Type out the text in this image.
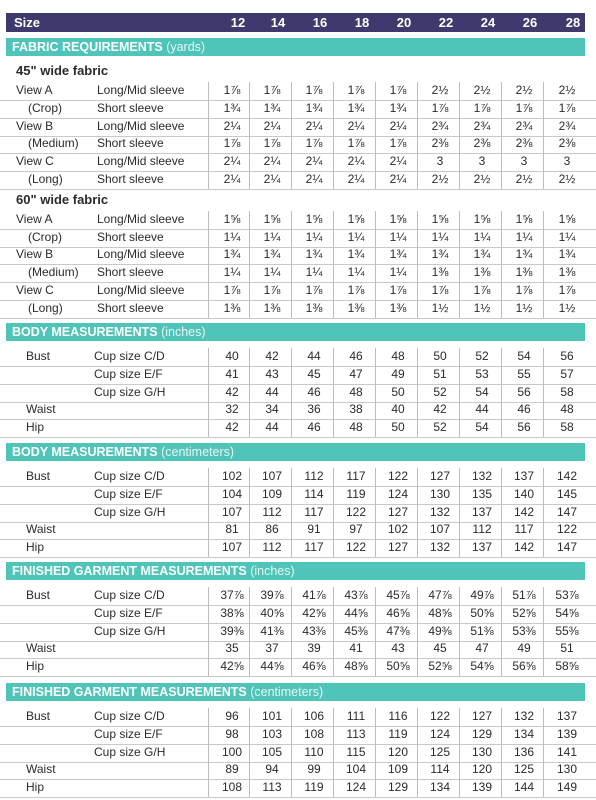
Size	12	14	16	18	20	22	24	26	28
FABRIC REQUIREMENTS (yards)
45" wide fabric
View A	Long/Mid sleeve	1⅞	1⅞	1⅞	1⅞	1⅞	2½	2½	2½	2½
(Crop)	Short sleeve	1¾	1¾	1¾	1¾	1¾	1⅞	1⅞	1⅞	1⅞
View B	Long/Mid sleeve	2¼	2¼	2¼	2¼	2¼	2¾	2¾	2¾	2¾
(Medium) Short sleeve	1⅞	1⅞	1⅞	1⅞	1⅞	2⅜	2⅜	2⅜	2⅜
View C	Long/Mid sleeve	2¼	2¼	2¼	2¼	2¼	3	3	3	3
(Long)	Short sleeve	2¼	2¼	2¼	2¼	2¼	2½	2½	2½	2½
60" wide fabric
View A	Long/Mid sleeve	1⅝	1⅝	1⅝	1⅝	1⅝	1⅝	1⅝	1⅝	1⅝
(Crop)	Short sleeve	1¼	1¼	1¼	1¼	1¼	1¼	1¼	1¼	1¼
View B	Long/Mid sleeve	1¾	1¾	1¾	1¾	1¾	1¾	1¾	1¾	1¾
(Medium) Short sleeve	1¼	1¼	1¼	1¼	1¼	1⅜	1⅜	1⅜	1⅜
View C	Long/Mid sleeve	1⅞	1⅞	1⅞	1⅞	1⅞	1⅞	1⅞	1⅞	1⅞
(Long)	Short sleeve	1⅜	1⅜	1⅜	1⅜	1⅜	1½	1½	1½	1½
BODY MEASUREMENTS (inches)
Bust	Cup size C/D	40	42	44	46	48	50	52	54	56
Cup size E/F	41	43	45	47	49	51	53	55	57
Cup size G/H	42	44	46	48	50	52	54	56	58
Waist	32	34	36	38	40	42	44	46	48
Hip	42	44	46	48	50	52	54	56	58
BODY MEASUREMENTS (centimeters)
Bust	Cup size C/D	102	107	112	117	122	127	132	137	142
Cup size E/F	104	109	114	119	124	130	135	140	145
Cup size G/H	107	112	117	122	127	132	137	142	147
Waist	81	86	91	97	102	107	112	117	122
Hip	107	112	117	122	127	132	137	142	147
FINISHED GARMENT MEASUREMENTS (inches)
Bust	Cup size C/D	37⅞	39⅞	41⅞	43⅞	45⅞	47⅞	49⅞	51⅞	53⅞
Cup size E/F	38⅝	40⅝	42⅝	44⅝	46⅝	48⅝	50⅝	52⅝	54⅝
Cup size G/H	39⅜	41⅜	43⅜	45⅜	47⅜	49⅜	51⅜	53⅜	55⅜
Waist	35	37	39	41	43	45	47	49	51
Hip	42⅝	44⅝	46⅝	48⅝	50⅝	52⅝	54⅝	56⅝	58⅝
FINISHED GARMENT MEASUREMENTS (centimeters)
Bust	Cup size C/D	96	101	106	111	116	122	127	132	137
Cup size E/F	98	103	108	113	119	124	129	134	139
Cup size G/H	100	105	110	115	120	125	130	136	141
Waist	89	94	99	104	109	114	120	125	130
Hip	108	113	119	124	129	134	139	144	149
